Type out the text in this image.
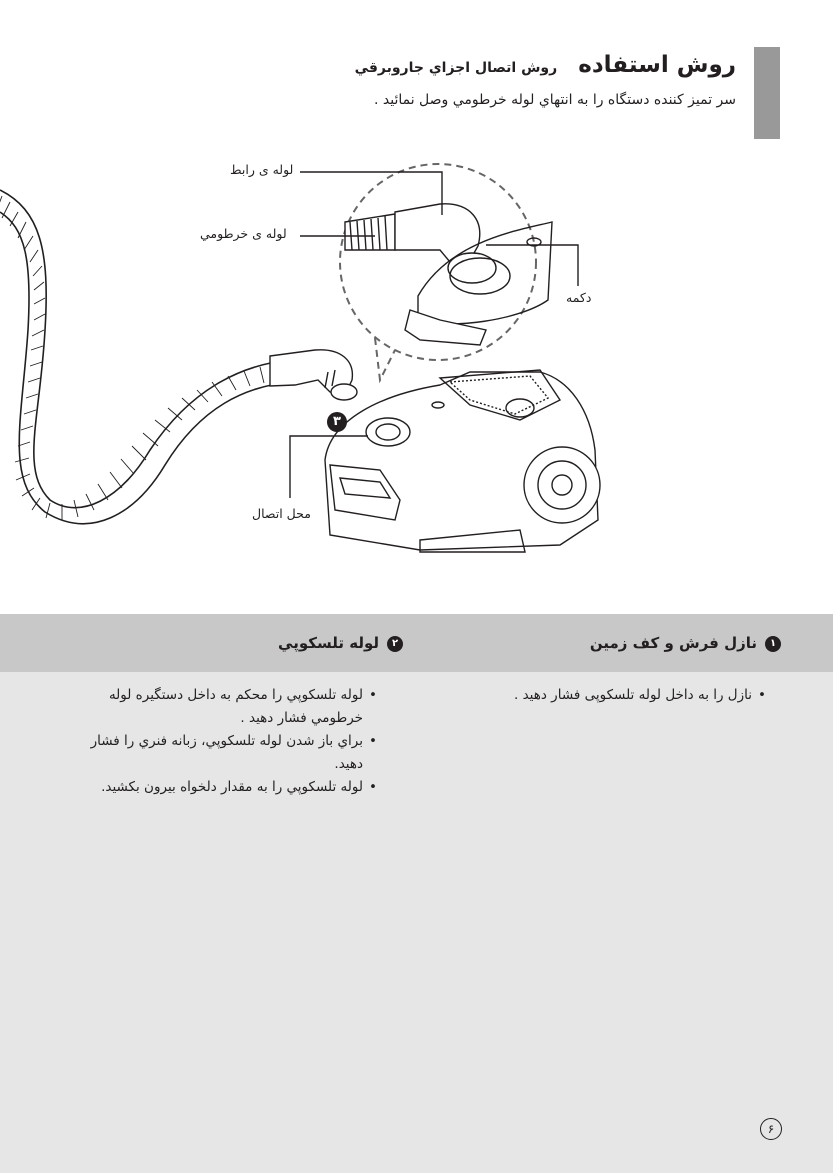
روش استفاده روش اتصال اجزاي جاروبرقي
سر تميز كننده دستگاه را به انتهاي لوله خرطومي وصل نمائيد .
لوله ی رابط
لوله ی خرطومي
دكمه
محل اتصال
۳
۱نازل فرش و كف زمين
• نازل را به داخل لوله تلسكوپی فشار دهيد .
۲لوله تلسكوپي
• لوله تلسكوپي را محكم به داخل دستگيره لوله خرطومي فشار دهيد .
• براي باز شدن لوله تلسكوپي، زبانه فنري را فشار دهيد.
• لوله تلسكوپي را به مقدار دلخواه بيرون بكشيد.
۶
